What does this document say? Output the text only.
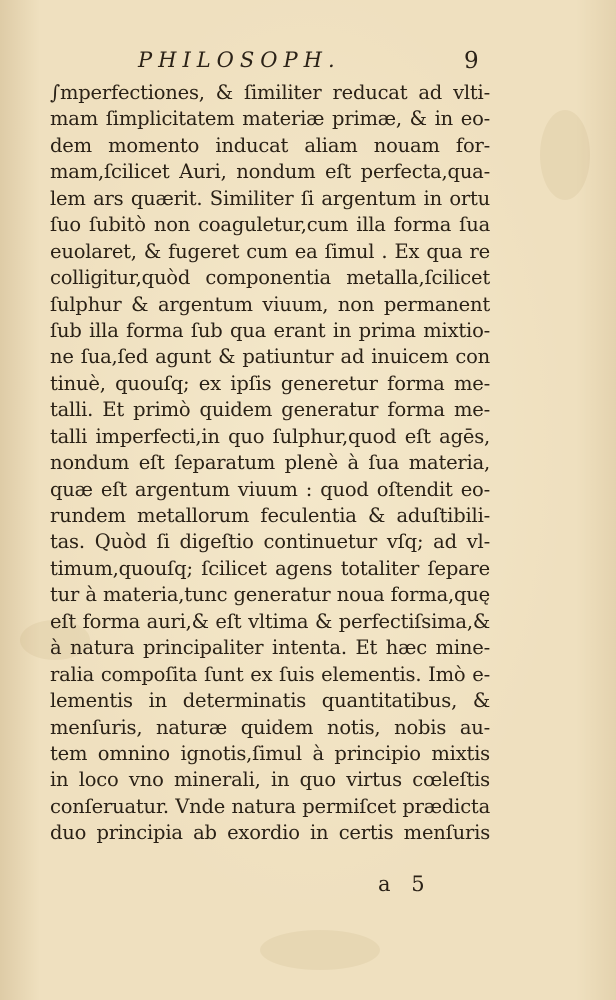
PHILOSOPH.	9
∫mperfectiones, & ſimiliter reducat ad vlti-
mam ſimplicitatem materiæ primæ, & in eo-
dem momento inducat aliam nouam for-
mam,ſcilicet Auri, nondum eſt perfecta,qua-
lem ars quærit. Similiter ſi argentum in ortu
ſuo ſubitò non coaguletur,cum illa forma ſua
euolaret, & fugeret cum ea ſimul . Ex qua re
colligitur,quòd componentia metalla,ſcilicet
ſulphur & argentum viuum, non permanent
ſub illa forma ſub qua erant in prima mixtio-
ne ſua,ſed agunt & patiuntur ad inuicem con
tinuè, quouſq; ex ipſis generetur forma me-
talli. Et primò quidem generatur forma me-
talli imperfecti,in quo ſulphur,quod eſt agēs,
nondum eſt ſeparatum plenè à ſua materia,
quæ eſt argentum viuum : quod oſtendit eo-
rundem metallorum feculentia & aduſtibili-
tas. Quòd ſi digeſtio continuetur vſq; ad vl-
timum,quouſq; ſcilicet agens totaliter ſepare
tur à materia,tunc generatur noua forma,quę
eſt forma auri,& eſt vltima & perfectiſsima,&
à natura principaliter intenta. Et hæc mine-
ralia compoſita ſunt ex ſuis elementis. Imò e-
lementis in determinatis quantitatibus, &
menſuris, naturæ quidem notis, nobis au-
tem omnino ignotis,ſimul à principio mixtis
in loco vno minerali, in quo virtus cœleſtis
conſeruatur. Vnde natura permiſcet prædicta
duo principia ab exordio in certis menſuris
a 5
